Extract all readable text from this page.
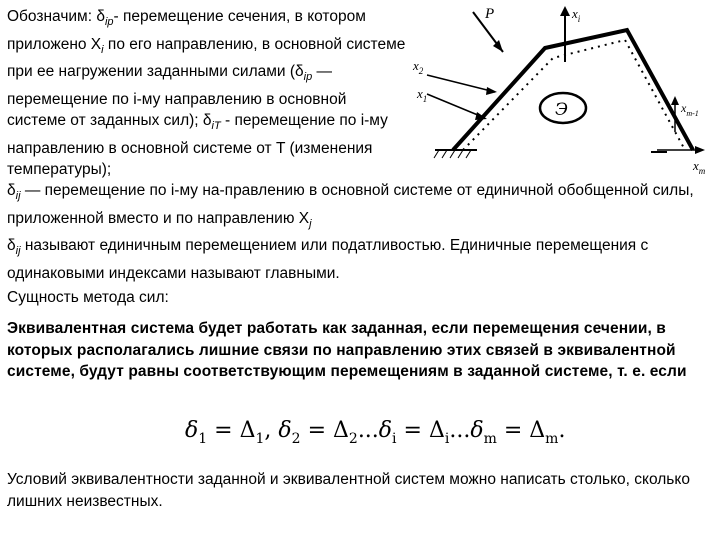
Обозначим: $\delta_{ip}-$ перемещение сечения, в котором приложено $X_i$ по его направлению, в основной системе при ее нагружении заданными силами ($\delta_{ip}$ —перемещение по i-му направлению в основной системе от заданных сил); $\delta_{iT}$ - перемещение по i-му направлению в основной системе от T (изменения температуры);

Э
P	$x_i$
$x_2$
$x_1$
$x_{m-1}$
$x_m$

$\delta_{ij}$ — перемещение по i-му на-правлению в основной системе от единичной обобщенной силы, приложенной вместо и по направлению $X_j$
$\delta_{ij}$ называют единичным перемещением или податливостью. Единичные перемещения с одинаковыми индексами называют главными.

Сущность метода сил:

Эквивалентная система будет работать как заданная, если перемещения сечении, в которых располагались лишние связи по направлению этих связей в эквивалентной системе, будут равны соответствующим перемещениям в заданной системе, т. е. если

$\delta_1 = \Delta_1$, $\delta_2 = \Delta_2...\delta_i = \Delta_i...\delta_m = \Delta_m$.

Условий эквивалентности заданной и эквивалентной систем можно написать столько, сколько лишних неизвестных.
